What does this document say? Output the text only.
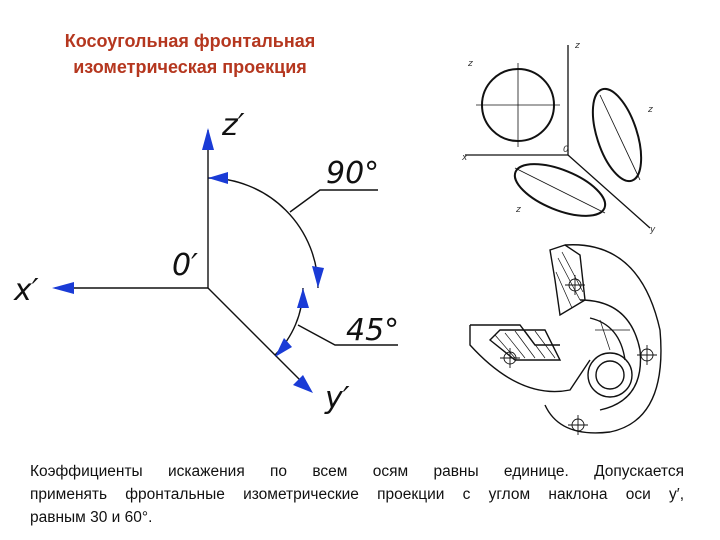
Косоугольная фронтальная
изометрическая проекция
z′
x′
y′
0′
90°
45°
z
x
y
z
z
z
0
Коэффициенты искажения по всем осям равны единице. Допускается
применять фронтальные изометрические проекции с углом наклона оси y′,
равным 30 и 60°.
